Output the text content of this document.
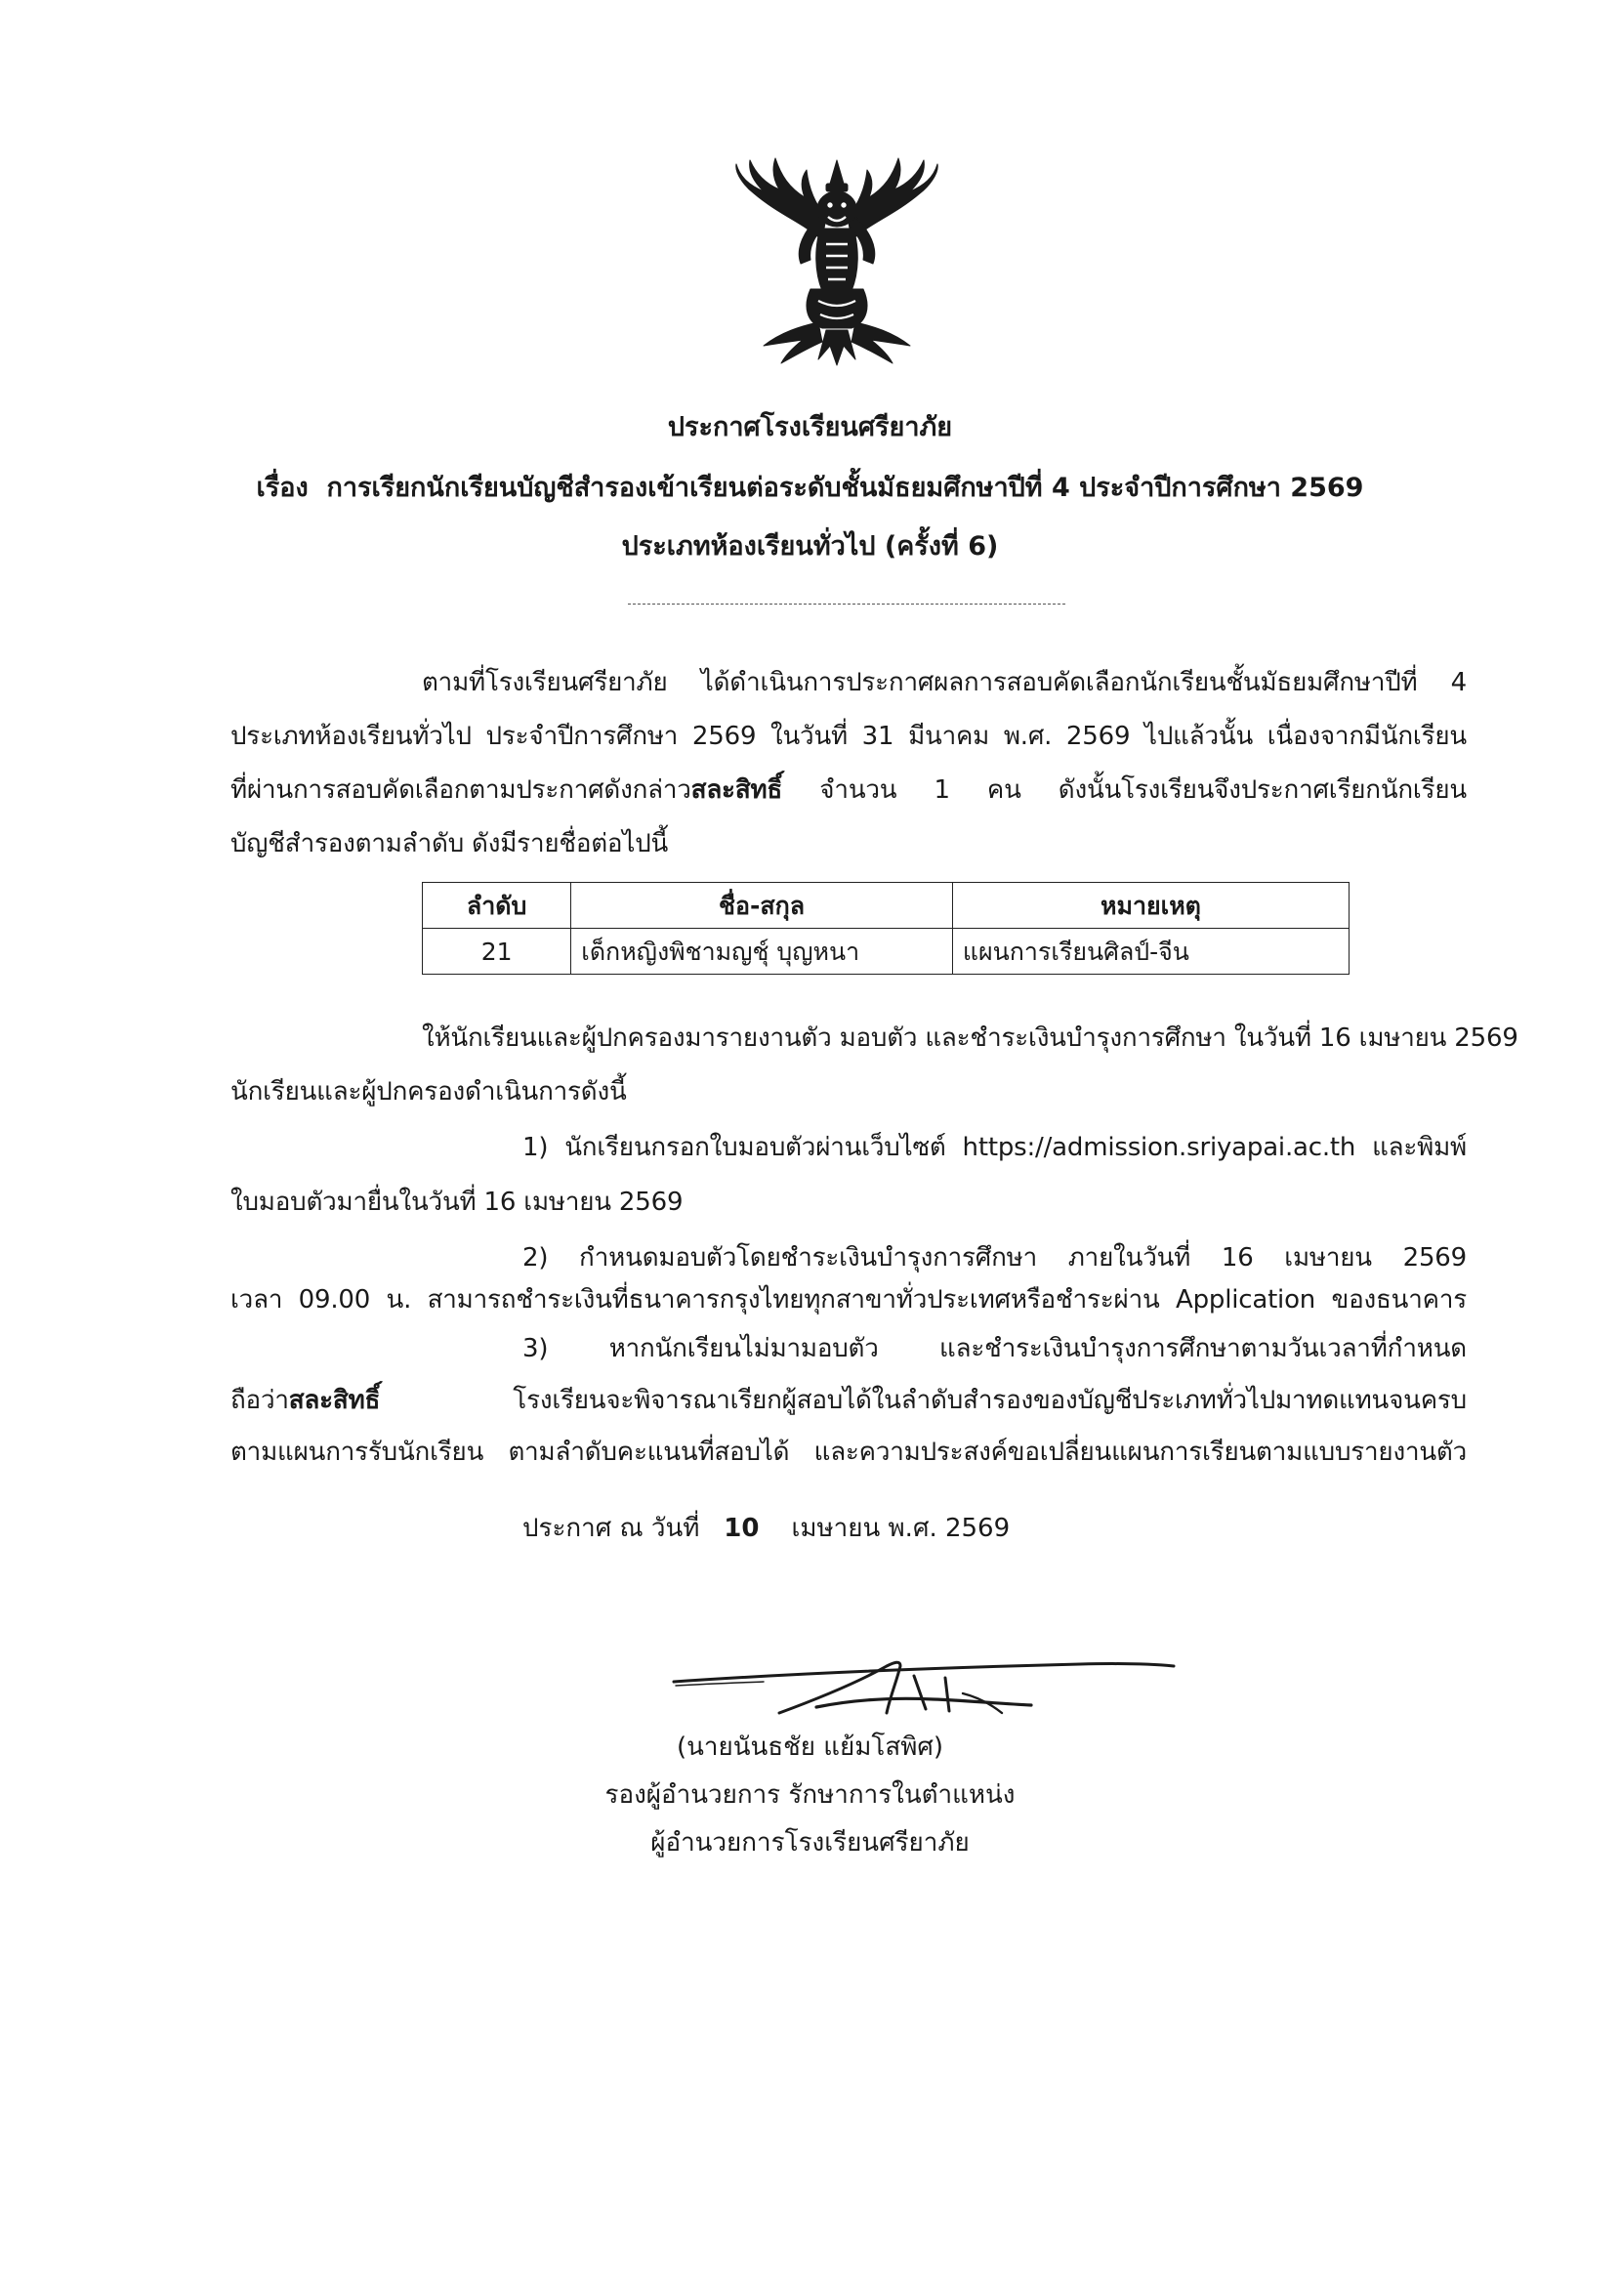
ประกาศโรงเรียนศรียาภัย
เรื่อง การเรียกนักเรียนบัญชีสำรองเข้าเรียนต่อระดับชั้นมัธยมศึกษาปีที่ 4 ประจำปีการศึกษา 2569
ประเภทห้องเรียนทั่วไป (ครั้งที่ 6)
ตามที่โรงเรียนศรียาภัย ได้ดำเนินการประกาศผลการสอบคัดเลือกนักเรียนชั้นมัธยมศึกษาปีที่ 4
ประเภทห้องเรียนทั่วไป ประจำปีการศึกษา 2569 ในวันที่ 31 มีนาคม พ.ศ. 2569 ไปแล้วนั้น เนื่องจากมีนักเรียน
ที่ผ่านการสอบคัดเลือกตามประกาศดังกล่าวสละสิทธิ์ จำนวน 1 คน ดังนั้นโรงเรียนจึงประกาศเรียกนักเรียน
บัญชีสำรองตามลำดับ ดังมีรายชื่อต่อไปนี้
ลำดับ	ชื่อ-สกุล	หมายเหตุ
21	เด็กหญิงพิชามญชุ์ บุญหนา	แผนการเรียนศิลป์-จีน
ให้นักเรียนและผู้ปกครองมารายงานตัว มอบตัว และชำระเงินบำรุงการศึกษา ในวันที่ 16 เมษายน 2569
นักเรียนและผู้ปกครองดำเนินการดังนี้
1) นักเรียนกรอกใบมอบตัวผ่านเว็บไซต์ https://admission.sriyapai.ac.th และพิมพ์
ใบมอบตัวมายื่นในวันที่ 16 เมษายน 2569
2) กำหนดมอบตัวโดยชำระเงินบำรุงการศึกษา ภายในวันที่ 16 เมษายน 2569
เวลา 09.00 น. สามารถชำระเงินที่ธนาคารกรุงไทยทุกสาขาทั่วประเทศหรือชำระผ่าน Application ของธนาคาร
3) หากนักเรียนไม่มามอบตัว และชำระเงินบำรุงการศึกษาตามวันเวลาที่กำหนด
ถือว่าสละสิทธิ์ โรงเรียนจะพิจารณาเรียกผู้สอบได้ในลำดับสำรองของบัญชีประเภททั่วไปมาทดแทนจนครบ
ตามแผนการรับนักเรียน ตามลำดับคะแนนที่สอบได้ และความประสงค์ขอเปลี่ยนแผนการเรียนตามแบบรายงานตัว
ประกาศ ณ วันที่ 10 เมษายน พ.ศ. 2569
(นายนันธชัย แย้มโสพิศ)
รองผู้อำนวยการ รักษาการในตำแหน่ง
ผู้อำนวยการโรงเรียนศรียาภัย
